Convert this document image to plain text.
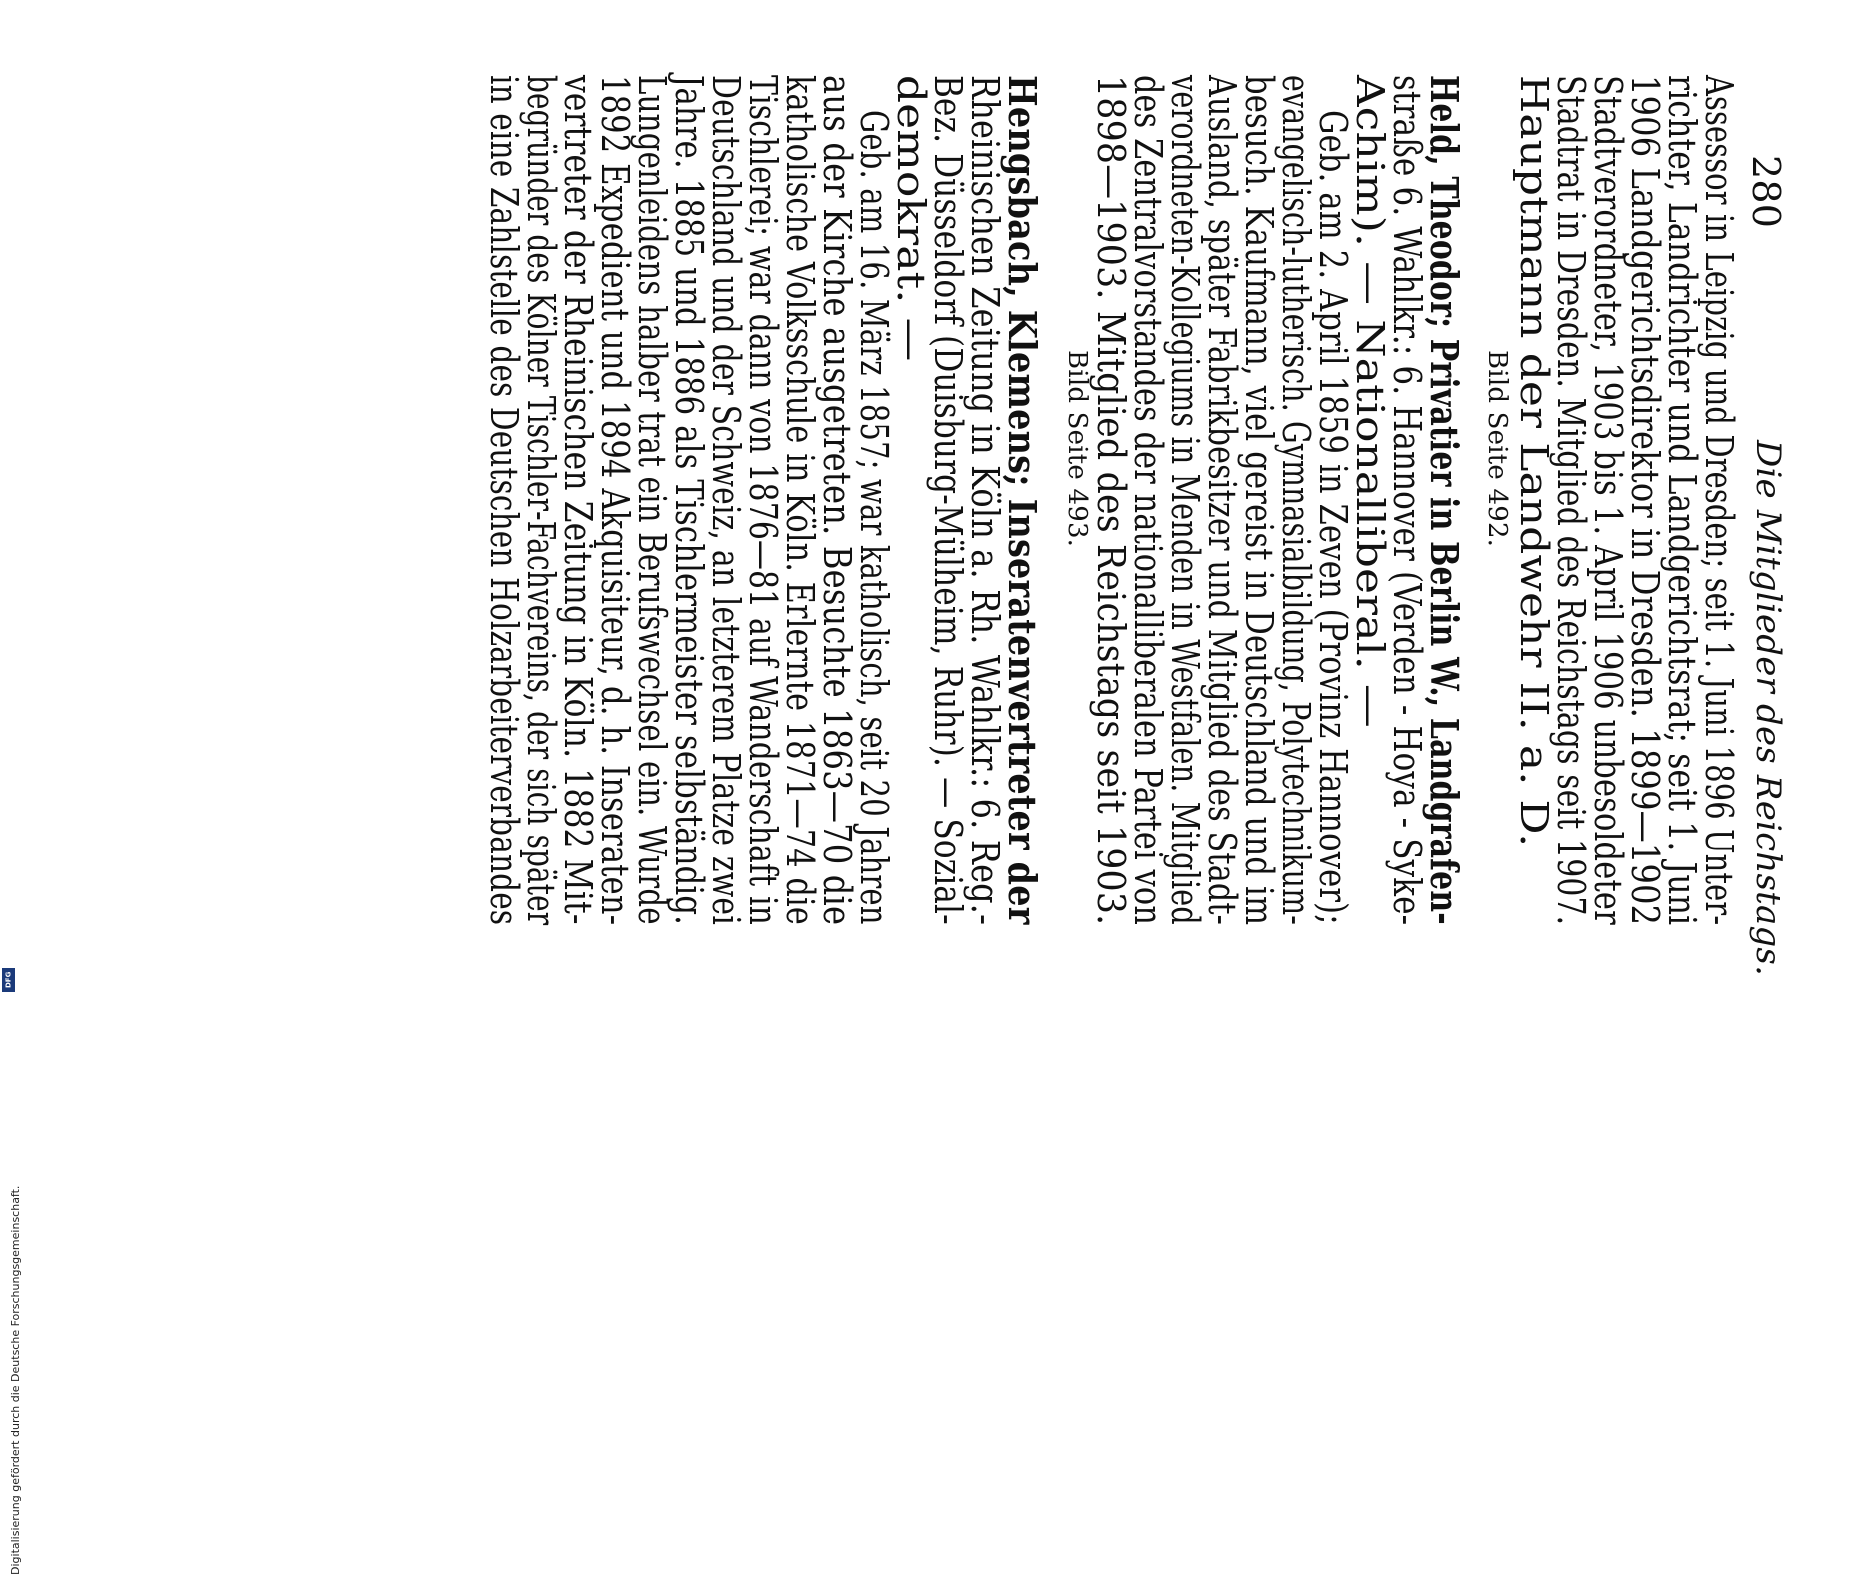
280
Die Mitglieder des Reichstags.
Assessor in Leipzig und Dresden; seit 1. Juni 1896 Unter-
richter, Landrichter und Landgerichtsrat; seit 1. Juni
1906 Landgerichtsdirektor in Dresden. 1899—1902
Stadtverordneter, 1903 bis 1. April 1906 unbesoldeter
Stadtrat in Dresden. Mitglied des Reichstags seit 1907.
Hauptmann der Landwehr II. a. D.
Bild Seite 492.
Held, Theodor; Privatier in Berlin W., Landgrafen-
straße 6. Wahlkr.: 6. Hannover (Verden - Hoya - Syke-
Achim). — Nationalliberal. —
Geb. am 2. April 1859 in Zeven (Provinz Hannover);
evangelisch-lutherisch. Gymnasialbildung, Polytechnikum-
besuch. Kaufmann, viel gereist in Deutschland und im
Ausland, später Fabrikbesitzer und Mitglied des Stadt-
verordneten-Kollegiums in Menden in Westfalen. Mitglied
des Zentralvorstandes der nationalliberalen Partei von
1898—1903. Mitglied des Reichstags seit 1903.
Bild Seite 493.
Hengsbach, Klemens; Inseratenvertreter der
Rheinischen Zeitung in Köln a. Rh. Wahlkr.: 6. Reg.-
Bez. Düsseldorf (Duisburg-Mülheim, Ruhr). — Sozial-
demokrat. —
Geb. am 16. März 1857; war katholisch, seit 20 Jahren
aus der Kirche ausgetreten. Besuchte 1863—70 die
katholische Volksschule in Köln. Erlernte 1871—74 die
Tischlerei; war dann von 1876—81 auf Wanderschaft in
Deutschland und der Schweiz, an letzterem Platze zwei
Jahre. 1885 und 1886 als Tischlermeister selbständig.
Lungenleidens halber trat ein Berufswechsel ein. Wurde
1892 Expedient und 1894 Akquisiteur, d. h. Inseraten-
vertreter der Rheinischen Zeitung in Köln. 1882 Mit-
begründer des Kölner Tischler-Fachvereins, der sich später
in eine Zahlstelle des Deutschen Holzarbeiterverbandes
Digitalisierung gefördert durch die Deutsche Forschungsgemeinschaft.
DFG
